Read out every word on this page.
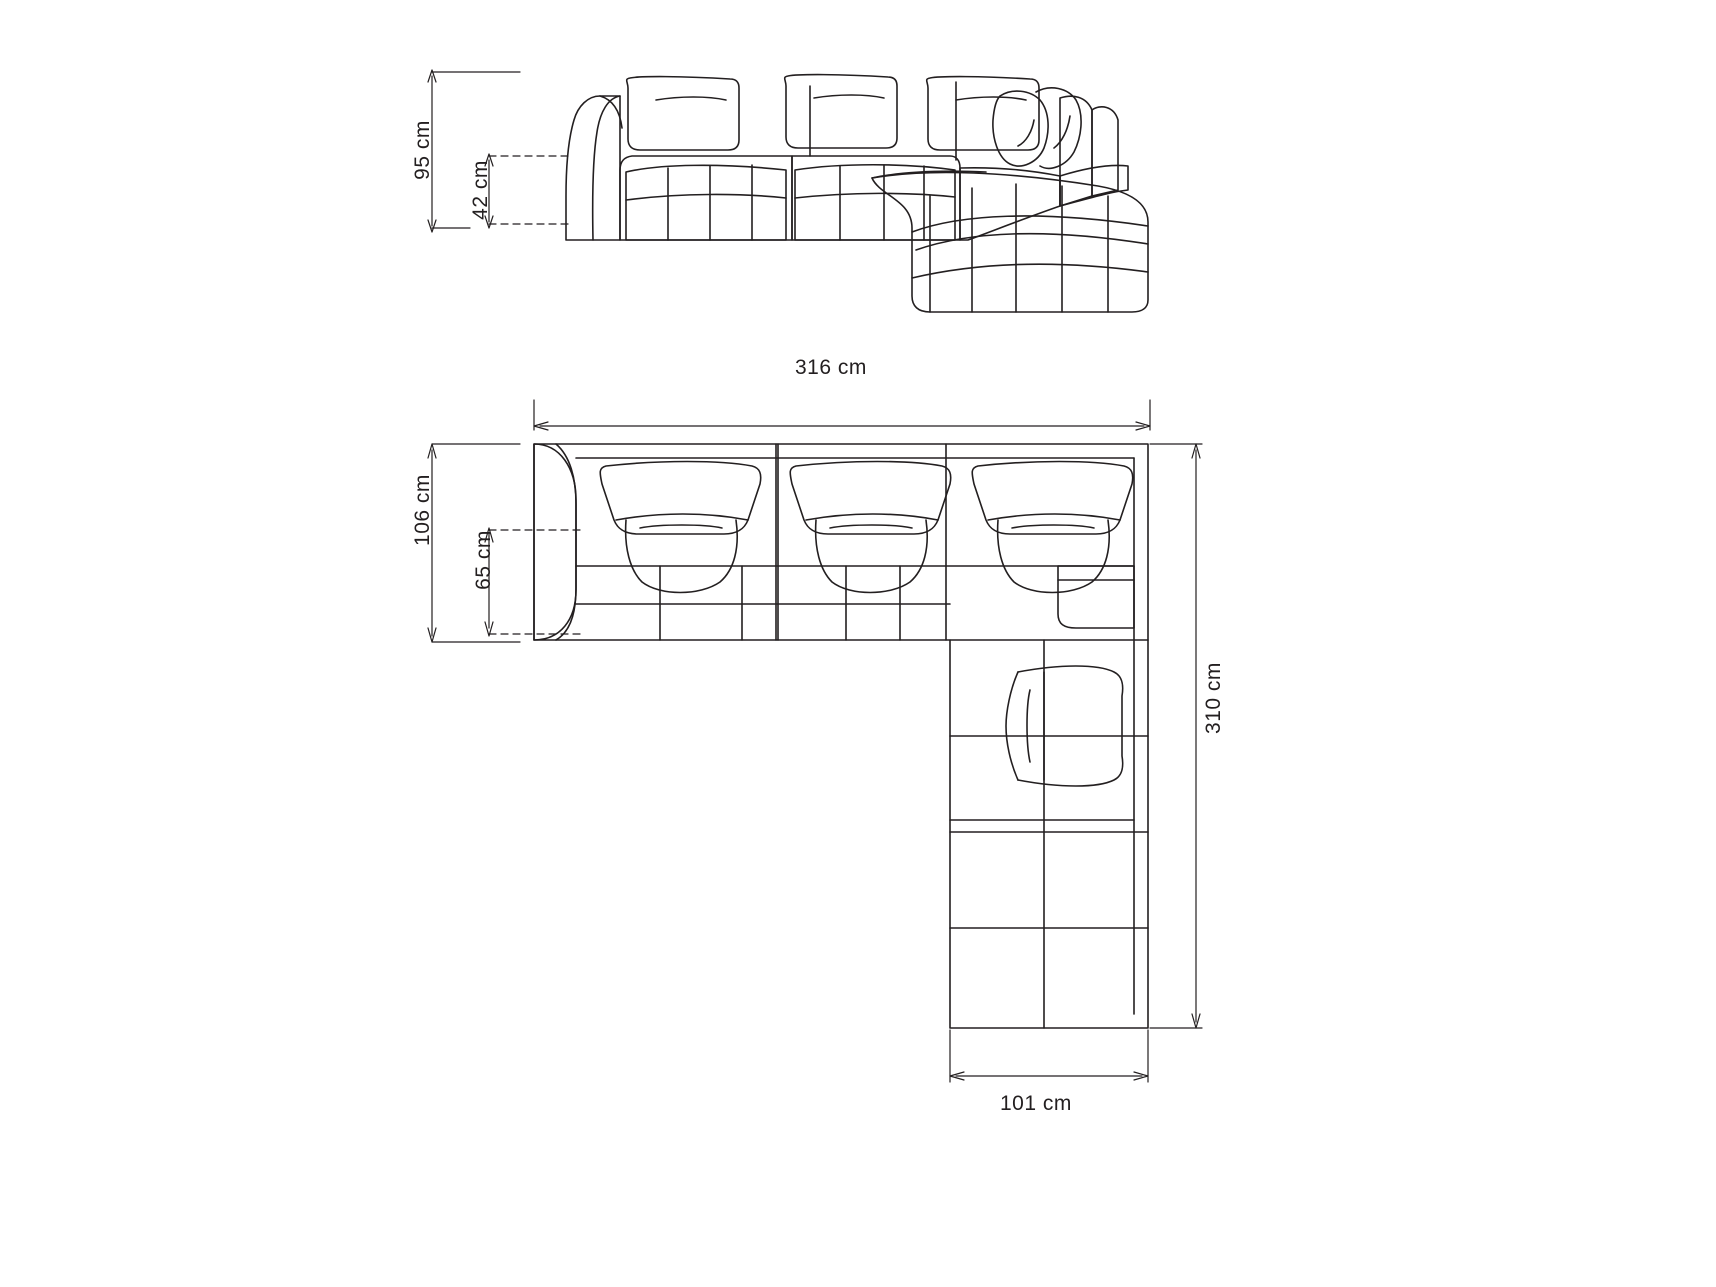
95 cm
42 cm
316 cm
106 cm
65 cm
310 cm
101 cm
